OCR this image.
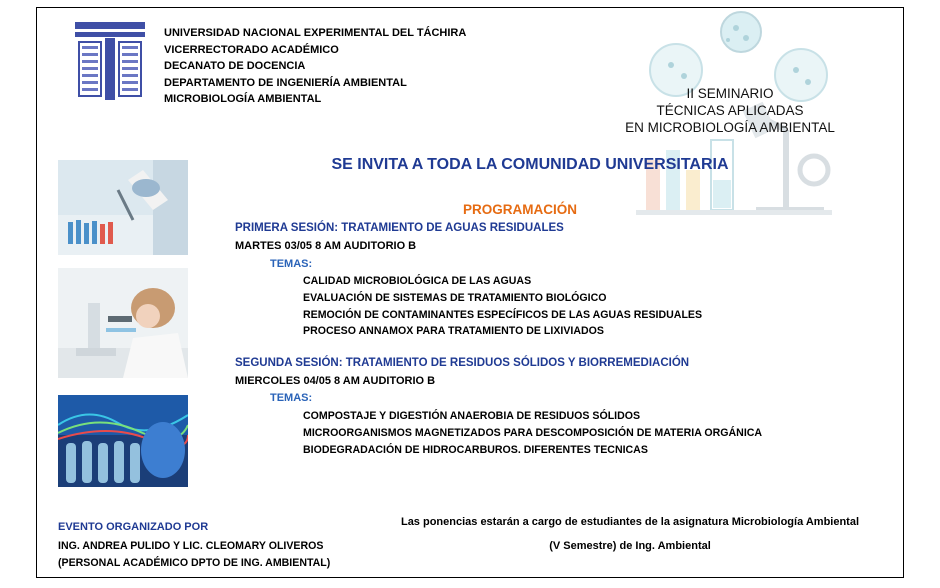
UNIVERSIDAD NACIONAL EXPERIMENTAL DEL TÁCHIRA
VICERRECTORADO ACADÉMICO
DECANATO DE DOCENCIA
DEPARTAMENTO DE INGENIERÍA AMBIENTAL
MICROBIOLOGÍA AMBIENTAL	II SEMINARIO
TÉCNICAS APLICADAS
EN MICROBIOLOGÍA AMBIENTAL
SE INVITA A TODA LA COMUNIDAD UNIVERSITARIA
PROGRAMACIÓN
PRIMERA SESIÓN: TRATAMIENTO DE AGUAS RESIDUALES
MARTES 03/05 8 AM AUDITORIO B
TEMAS:
CALIDAD MICROBIOLÓGICA DE LAS AGUAS
EVALUACIÓN DE SISTEMAS DE TRATAMIENTO BIOLÓGICO
REMOCIÓN DE CONTAMINANTES ESPECÍFICOS DE LAS AGUAS RESIDUALES
PROCESO ANNAMOX PARA TRATAMIENTO DE LIXIVIADOS
SEGUNDA SESIÓN: TRATAMIENTO DE RESIDUOS SÓLIDOS Y BIORREMEDIACIÓN
MIERCOLES 04/05 8 AM AUDITORIO B
TEMAS:
COMPOSTAJE Y DIGESTIÓN ANAEROBIA DE RESIDUOS SÓLIDOS
MICROORGANISMOS MAGNETIZADOS PARA DESCOMPOSICIÓN DE MATERIA ORGÁNICA
BIODEGRADACIÓN DE HIDROCARBUROS. DIFERENTES TECNICAS
EVENTO ORGANIZADO POR
ING. ANDREA PULIDO Y LIC. CLEOMARY OLIVEROS
(PERSONAL ACADÉMICO DPTO DE ING. AMBIENTAL)
Las ponencias estarán a cargo de estudiantes de la asignatura Microbiología Ambiental
(V Semestre) de Ing. Ambiental
